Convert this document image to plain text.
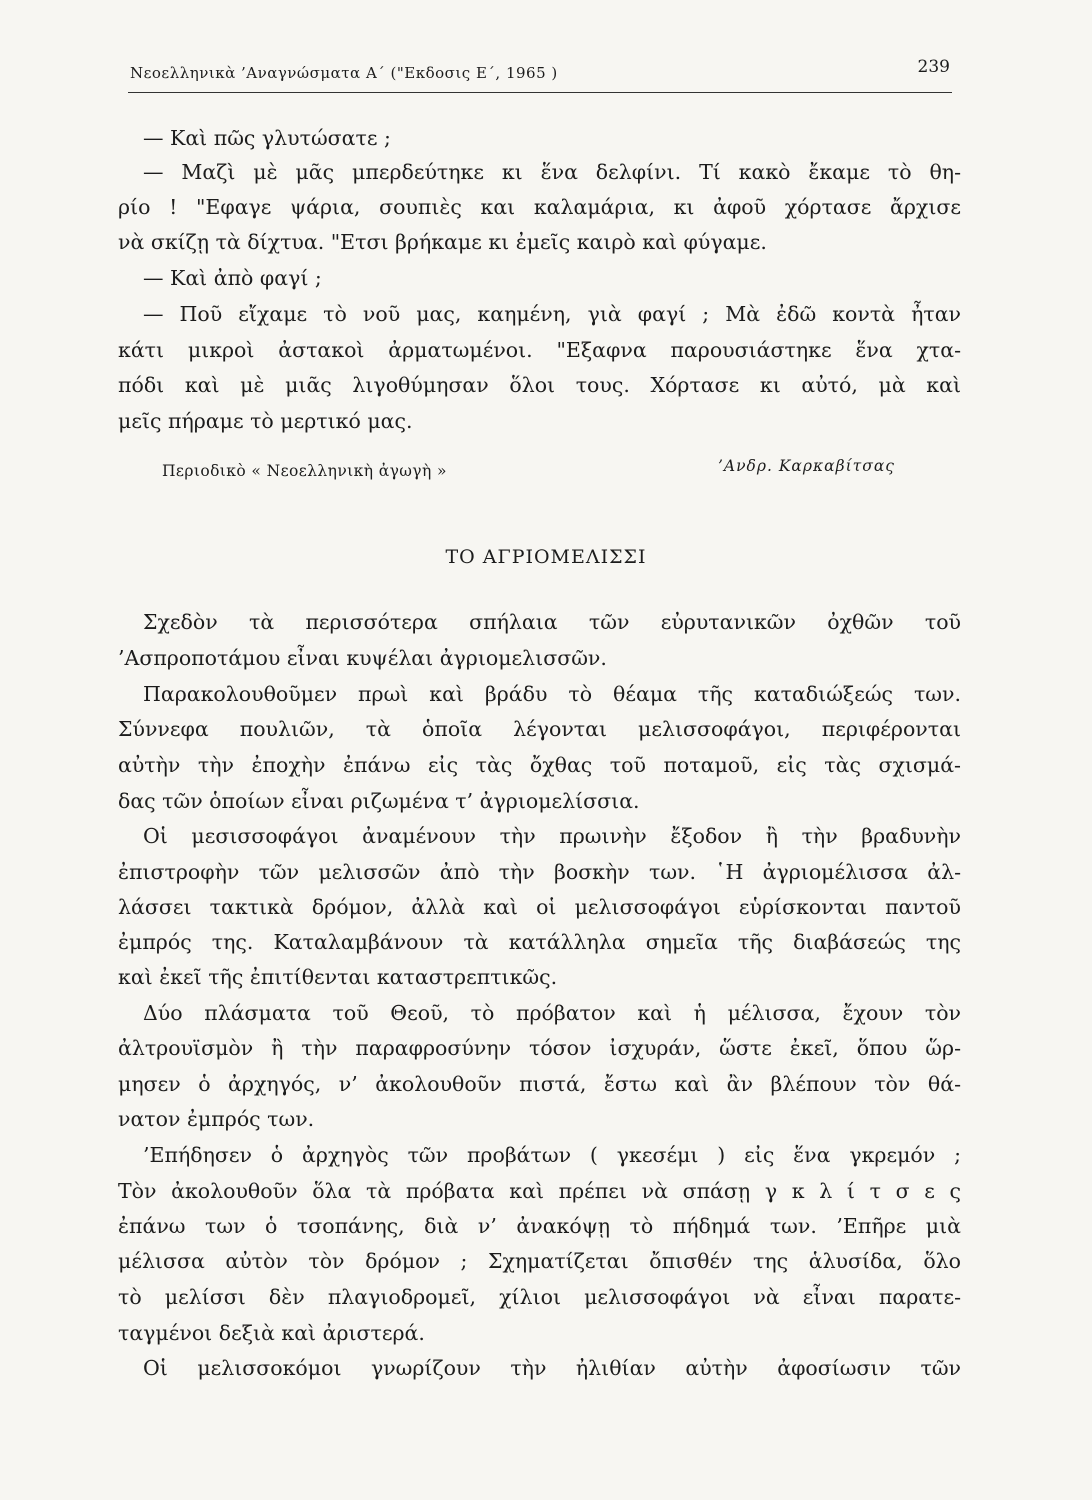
Νεοελληνικὰ ’Αναγνώσματα Α΄ ("Εκδοσις Ε΄, 1965 )	239
— Καὶ πῶς γλυτώσατε ;
— Μαζὶ μὲ μᾶς μπερδεύτηκε κι ἕνα δελφίνι. Τί κακὸ ἔκαμε τὸ θη-
ρίο ! "Εφαγε ψάρια, σουπιὲς και καλαμάρια, κι ἀφοῦ χόρτασε ἄρχισε
νὰ σκίζῃ τὰ δίχτυα. "Ετσι βρήκαμε κι ἐμεῖς καιρὸ καὶ φύγαμε.
— Καὶ ἀπὸ φαγί ;
— Ποῦ εἴχαμε τὸ νοῦ μας, καημένη, γιὰ φαγί ; Μὰ ἐδῶ κοντὰ ἦταν
κάτι μικροὶ ἀστακοὶ ἀρματωμένοι. "Εξαφνα παρουσιάστηκε ἕνα χτα-
πόδι καὶ μὲ μιᾶς λιγοθύμησαν ὅλοι τους. Χόρτασε κι αὐτό, μὰ καὶ
μεῖς πήραμε τὸ μερτικό μας.
Περιοδικὸ « Νεοελληνικὴ ἀγωγὴ »	’Ανδρ. Καρκαβίτσας
ΤΟ ΑΓΡΙΟΜΕΛΙΣΣΙ
Σχεδὸν τὰ περισσότερα σπήλαια τῶν εὐρυτανικῶν ὀχθῶν τοῦ
’Ασπροποτάμου εἶναι κυψέλαι ἀγριομελισσῶν.
Παρακολουθοῦμεν πρωὶ καὶ βράδυ τὸ θέαμα τῆς καταδιώξεώς των.
Σύννεφα πουλιῶν, τὰ ὁποῖα λέγονται μελισσοφάγοι, περιφέρονται
αὐτὴν τὴν ἐποχὴν ἐπάνω εἰς τὰς ὄχθας τοῦ ποταμοῦ, εἰς τὰς σχισμά-
δας τῶν ὁποίων εἶναι ριζωμένα τ’ ἀγριομελίσσια.
Οἱ μεσισσοφάγοι ἀναμένουν τὴν πρωινὴν ἔξοδον ἢ τὴν βραδυνὴν
ἐπιστροφὴν τῶν μελισσῶν ἀπὸ τὴν βοσκὴν των. ῾Η ἀγριομέλισσα ἀλ-
λάσσει τακτικὰ δρόμον, ἀλλὰ καὶ οἱ μελισσοφάγοι εὑρίσκονται παντοῦ
ἐμπρός της. Καταλαμβάνουν τὰ κατάλληλα σημεῖα τῆς διαβάσεώς της
καὶ ἐκεῖ τῆς ἐπιτίθενται καταστρεπτικῶς.
Δύο πλάσματα τοῦ Θεοῦ, τὸ πρόβατον καὶ ἡ μέλισσα, ἔχουν τὸν
ἀλτρουϊσμὸν ἢ τὴν παραφροσύνην τόσον ἰσχυράν, ὥστε ἐκεῖ, ὅπου ὥρ-
μησεν ὁ ἀρχηγός, ν’ ἀκολουθοῦν πιστά, ἔστω καὶ ἂν βλέπουν τὸν θά-
νατον ἐμπρός των.
’Επήδησεν ὁ ἀρχηγὸς τῶν προβάτων ( γκεσέμι ) εἰς ἕνα γκρεμόν ;
Τὸν ἀκολουθοῦν ὅλα τὰ πρόβατα καὶ πρέπει νὰ σπάσῃ γ κ λ ί τ σ ε ς
ἐπάνω των ὁ τσοπάνης, διὰ ν’ ἀνακόψῃ τὸ πήδημά των. ’Επῆρε μιὰ
μέλισσα αὐτὸν τὸν δρόμον ; Σχηματίζεται ὄπισθέν της ἁλυσίδα, ὅλο
τὸ μελίσσι δὲν πλαγιοδρομεῖ, χίλιοι μελισσοφάγοι νὰ εἶναι παρατε-
ταγμένοι δεξιὰ καὶ ἀριστερά.
Οἱ μελισσοκόμοι γνωρίζουν τὴν ἠλιθίαν αὐτὴν ἀφοσίωσιν τῶν
